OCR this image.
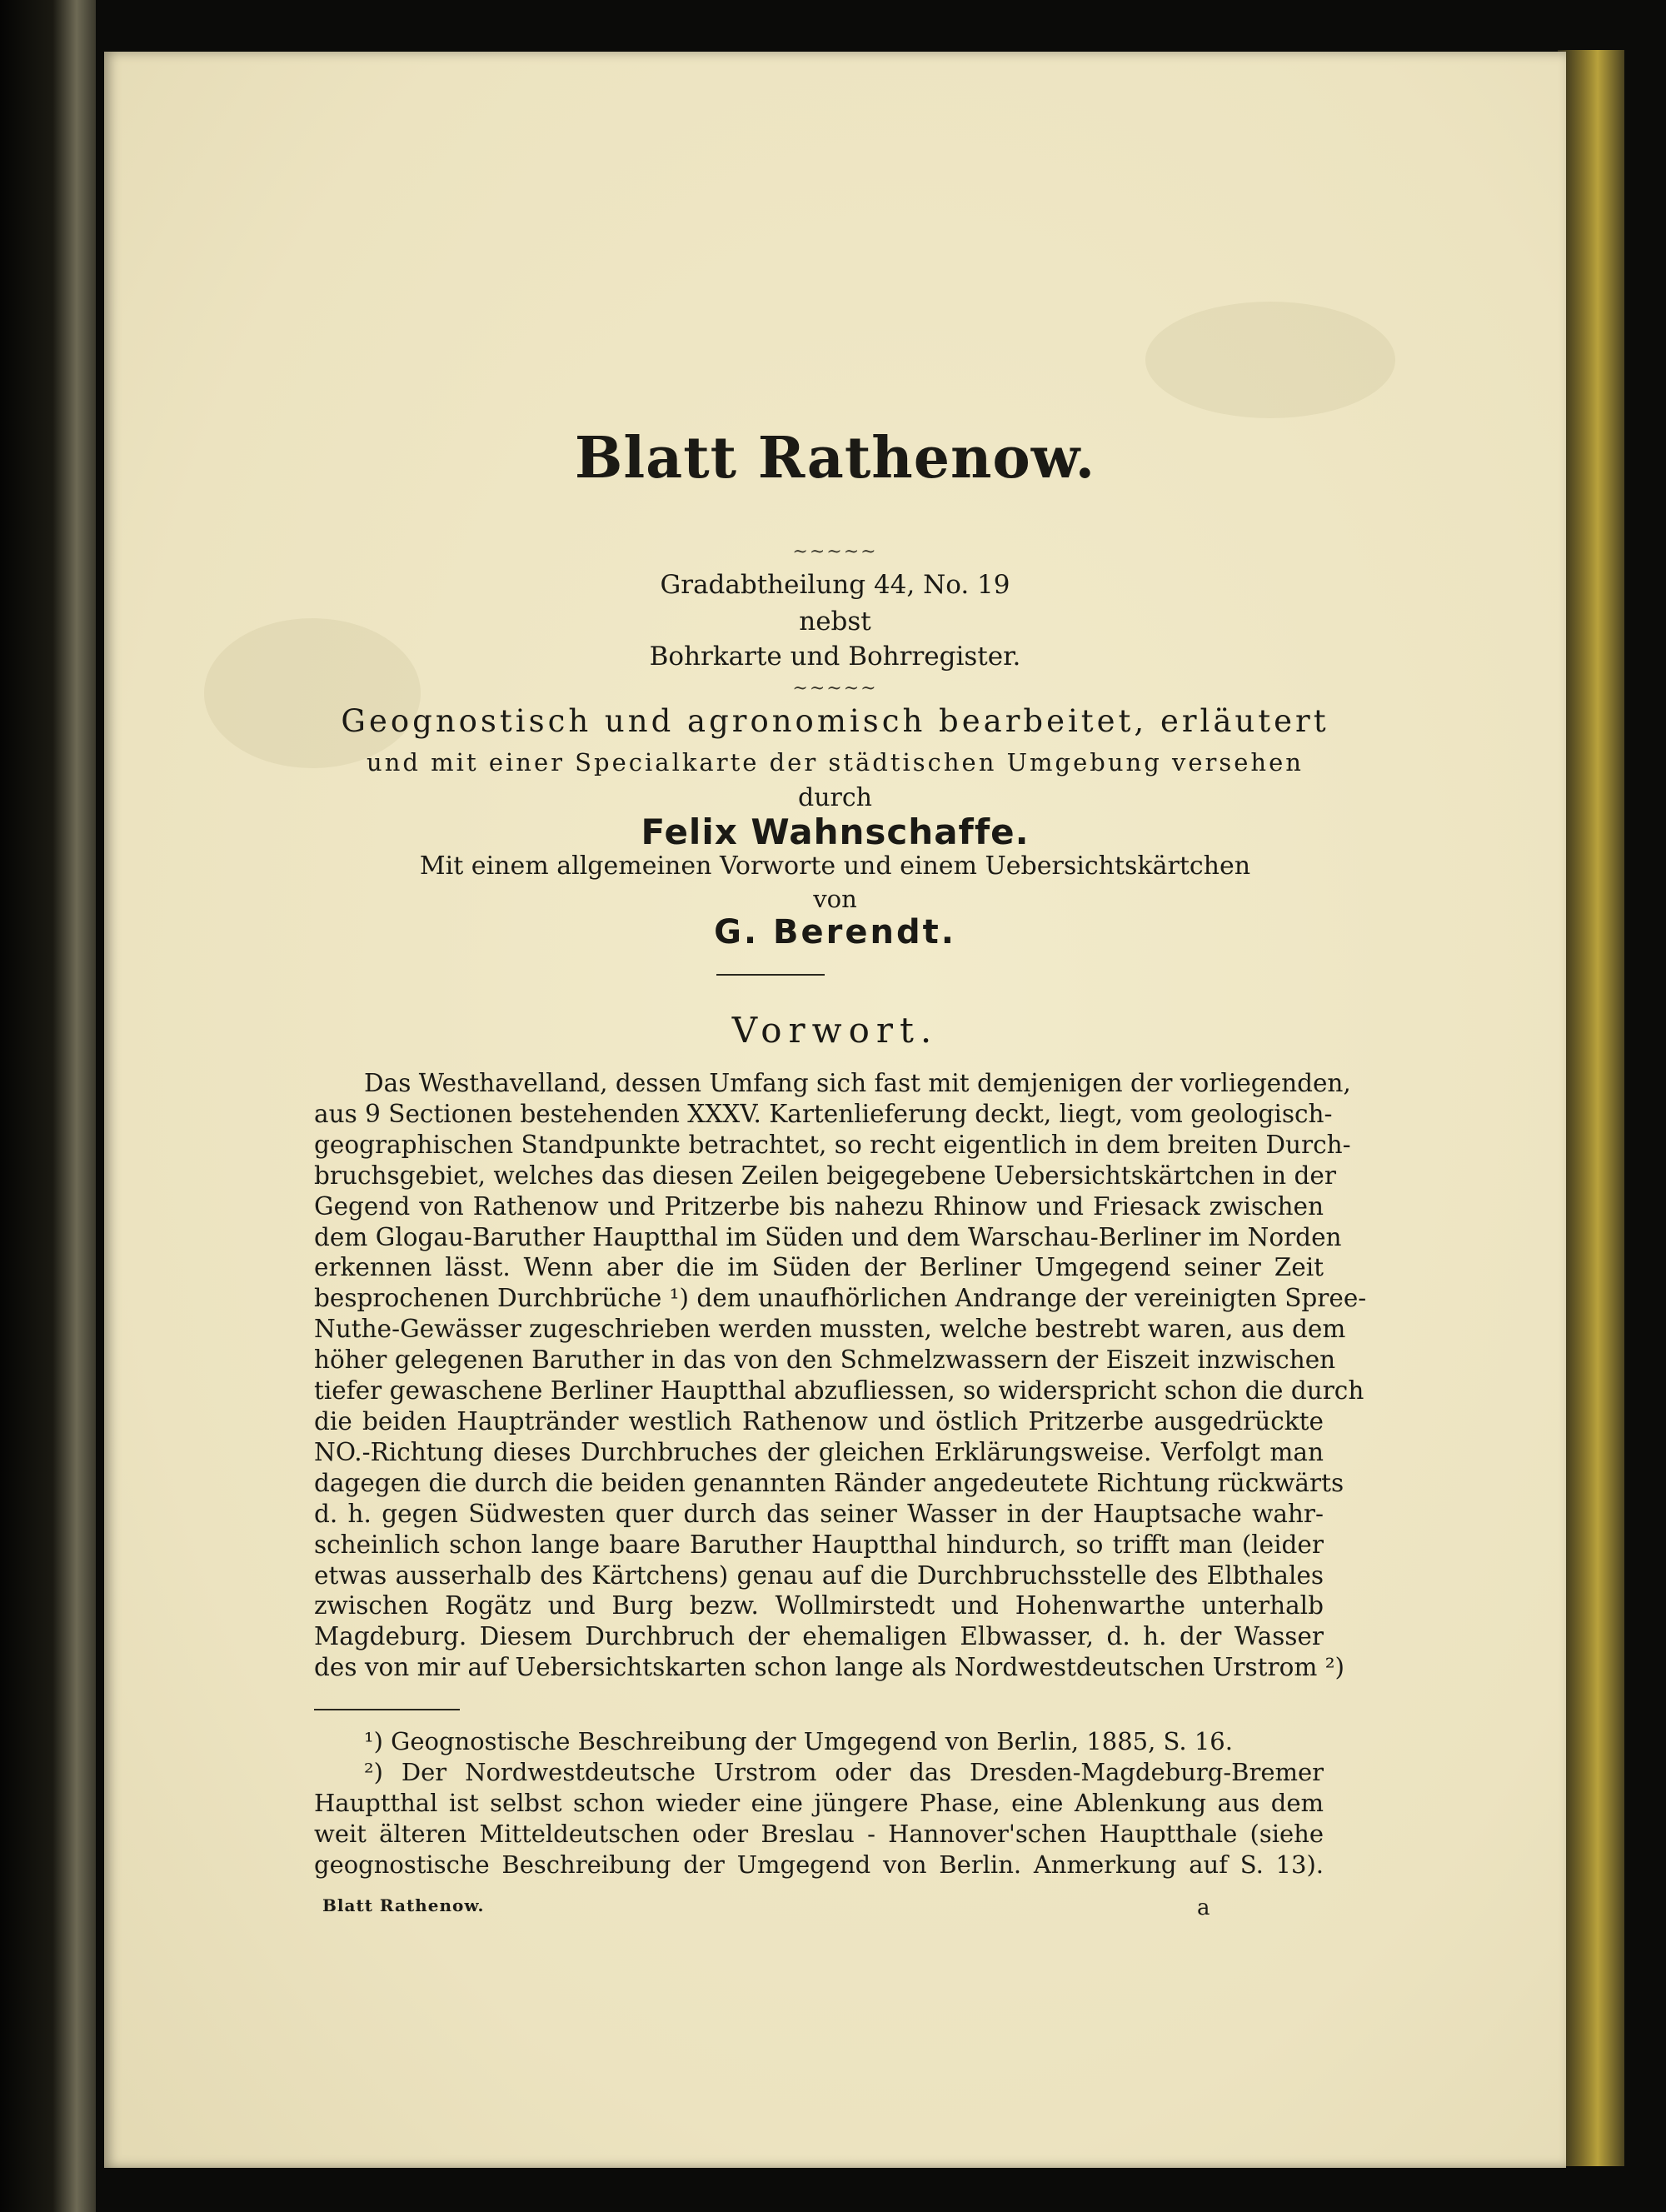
Blatt Rathenow.
~~~~~
Gradabtheilung 44, No. 19
nebst
Bohrkarte und Bohrregister.
~~~~~
Geognostisch und agronomisch bearbeitet, erläutert
und mit einer Specialkarte der städtischen Umgebung versehen
durch
Felix Wahnschaffe.
Mit einem allgemeinen Vorworte und einem Uebersichtskärtchen
von
G. Berendt.
Vorwort.
Das Westhavelland, dessen Umfang sich fast mit demjenigen der vorliegenden,
aus 9 Sectionen bestehenden XXXV. Kartenlieferung deckt, liegt, vom geologisch-
geographischen Standpunkte betrachtet, so recht eigentlich in dem breiten Durch-
bruchsgebiet, welches das diesen Zeilen beigegebene Uebersichtskärtchen in der
Gegend von Rathenow und Pritzerbe bis nahezu Rhinow und Friesack zwischen
dem Glogau-Baruther Hauptthal im Süden und dem Warschau-Berliner im Norden
erkennen lässt. Wenn aber die im Süden der Berliner Umgegend seiner Zeit
besprochenen Durchbrüche ¹) dem unaufhörlichen Andrange der vereinigten Spree-
Nuthe-Gewässer zugeschrieben werden mussten, welche bestrebt waren, aus dem
höher gelegenen Baruther in das von den Schmelzwassern der Eiszeit inzwischen
tiefer gewaschene Berliner Hauptthal abzufliessen, so widerspricht schon die durch
die beiden Hauptränder westlich Rathenow und östlich Pritzerbe ausgedrückte
NO.-Richtung dieses Durchbruches der gleichen Erklärungsweise. Verfolgt man
dagegen die durch die beiden genannten Ränder angedeutete Richtung rückwärts
d. h. gegen Südwesten quer durch das seiner Wasser in der Hauptsache wahr-
scheinlich schon lange baare Baruther Hauptthal hindurch, so trifft man (leider
etwas ausserhalb des Kärtchens) genau auf die Durchbruchsstelle des Elbthales
zwischen Rogätz und Burg bezw. Wollmirstedt und Hohenwarthe unterhalb
Magdeburg. Diesem Durchbruch der ehemaligen Elbwasser, d. h. der Wasser
des von mir auf Uebersichtskarten schon lange als Nordwestdeutschen Urstrom ²)
¹) Geognostische Beschreibung der Umgegend von Berlin, 1885, S. 16.
²) Der Nordwestdeutsche Urstrom oder das Dresden-Magdeburg-Bremer
Hauptthal ist selbst schon wieder eine jüngere Phase, eine Ablenkung aus dem
weit älteren Mitteldeutschen oder Breslau - Hannover'schen Hauptthale (siehe
geognostische Beschreibung der Umgegend von Berlin. Anmerkung auf S. 13).
Blatt Rathenow.	a
